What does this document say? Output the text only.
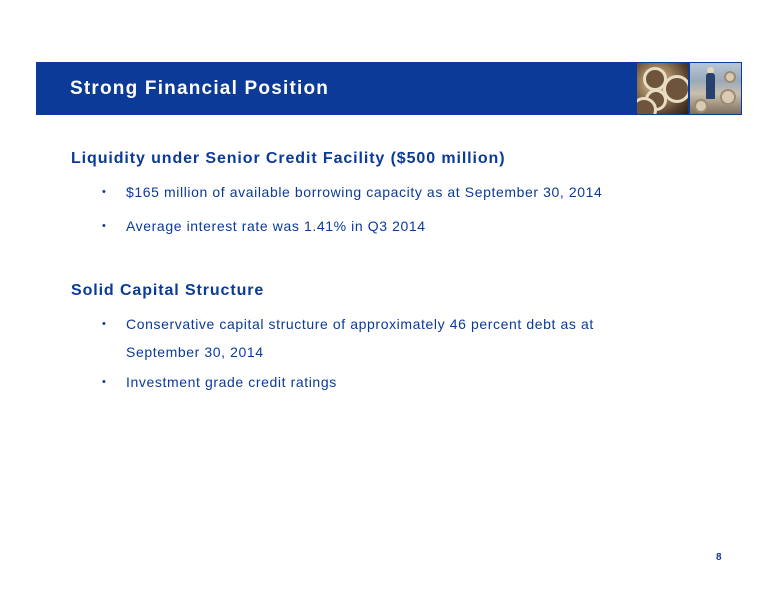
Strong Financial Position
Liquidity under Senior Credit Facility ($500 million)
• $165 million of available borrowing capacity as at September 30, 2014
• Average interest rate was 1.41% in Q3 2014
Solid Capital Structure
• Conservative capital structure of approximately 46 percent debt as at September 30, 2014
• Investment grade credit ratings
8
